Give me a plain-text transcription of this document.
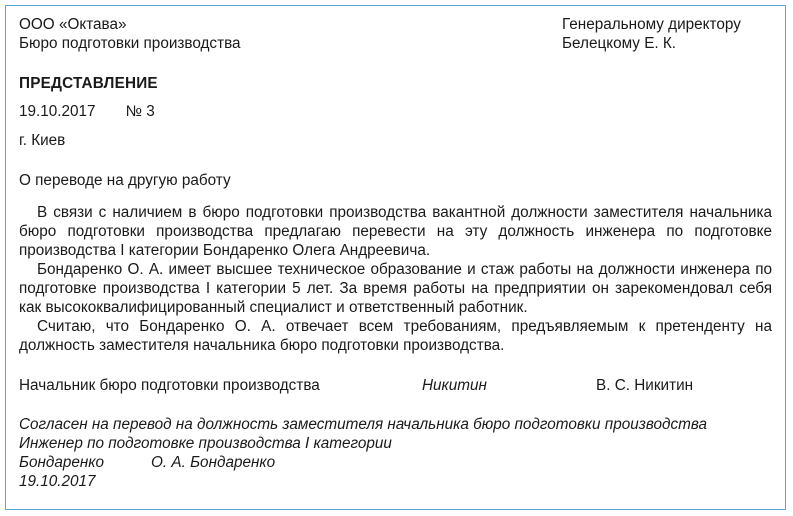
ООО «Октава»
Бюро подготовки производства
Генеральному директору
Белецкому Е. К.
ПРЕДСТАВЛЕНИЕ
19.10.2017 № 3
г. Киев
О переводе на другую работу

В связи с наличием в бюро подготовки производства вакантной должности заместителя начальника бюро подготовки производства предлагаю перевести на эту должность инженера по подготовке производства I категории Бондаренко Олега Андреевича.

Бондаренко О. А. имеет высшее техническое образование и стаж работы на должности инженера по подготовке производства I категории 5 лет. За время работы на предприятии он зарекомендовал себя как высококвалифицированный специалист и ответственный работник.

Считаю, что Бондаренко О. А. отвечает всем требованиям, предъявляемым к претенденту на должность заместителя начальника бюро подготовки производства.

Начальник бюро подготовки производства	Никитин	В. С. Никитин
Согласен на перевод на должность заместителя начальника бюро подготовки производства
Инженер по подготовке производства I категории
Бондаренко	О. А. Бондаренко
19.10.2017
